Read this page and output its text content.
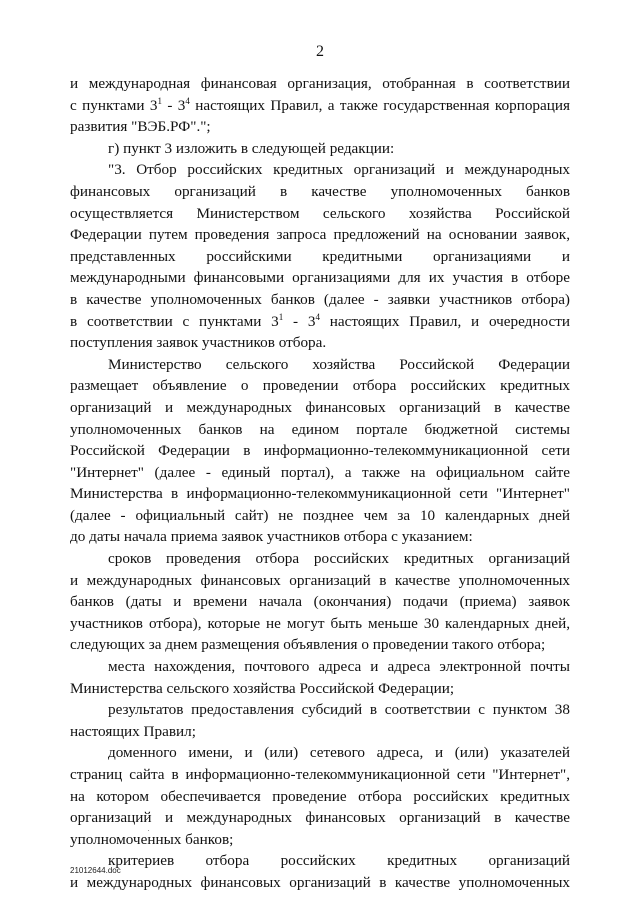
2
и международная финансовая организация, отобранная в соответствии
с пунктами $3^1 - 3^4$ настоящих Правил, а также государственная корпорация
развития "ВЭБ.РФ".";
г) пункт 3 изложить в следующей редакции:
"3. Отбор российских кредитных организаций и международных
финансовых организаций в качестве уполномоченных банков
осуществляется Министерством сельского хозяйства Российской
Федерации путем проведения запроса предложений на основании заявок,
представленных российскими кредитными организациями и
международными финансовыми организациями для их участия в отборе
в качестве уполномоченных банков (далее - заявки участников отбора)
в соответствии с пунктами $3^1 - 3^4$ настоящих Правил, и очередности
поступления заявок участников отбора.
Министерство сельского хозяйства Российской Федерации
размещает объявление о проведении отбора российских кредитных
организаций и международных финансовых организаций в качестве
уполномоченных банков на едином портале бюджетной системы
Российской Федерации в информационно-телекоммуникационной сети
"Интернет" (далее - единый портал), а также на официальном сайте
Министерства в информационно-телекоммуникационной сети "Интернет"
(далее - официальный сайт) не позднее чем за 10 календарных дней
до даты начала приема заявок участников отбора с указанием:
сроков проведения отбора российских кредитных организаций
и международных финансовых организаций в качестве уполномоченных
банков (даты и времени начала (окончания) подачи (приема) заявок
участников отбора), которые не могут быть меньше 30 календарных дней,
следующих за днем размещения объявления о проведении такого отбора;
места нахождения, почтового адреса и адреса электронной почты
Министерства сельского хозяйства Российской Федерации;
результатов предоставления субсидий в соответствии с пунктом 38
настоящих Правил;
доменного имени, и (или) сетевого адреса, и (или) указателей
страниц сайта в информационно-телекоммуникационной сети "Интернет",
на котором обеспечивается проведение отбора российских кредитных
организаций и международных финансовых организаций в качестве
уполномоченных банков;
критериев отбора российских кредитных организаций
и международных финансовых организаций в качестве уполномоченных
21012644.doc
